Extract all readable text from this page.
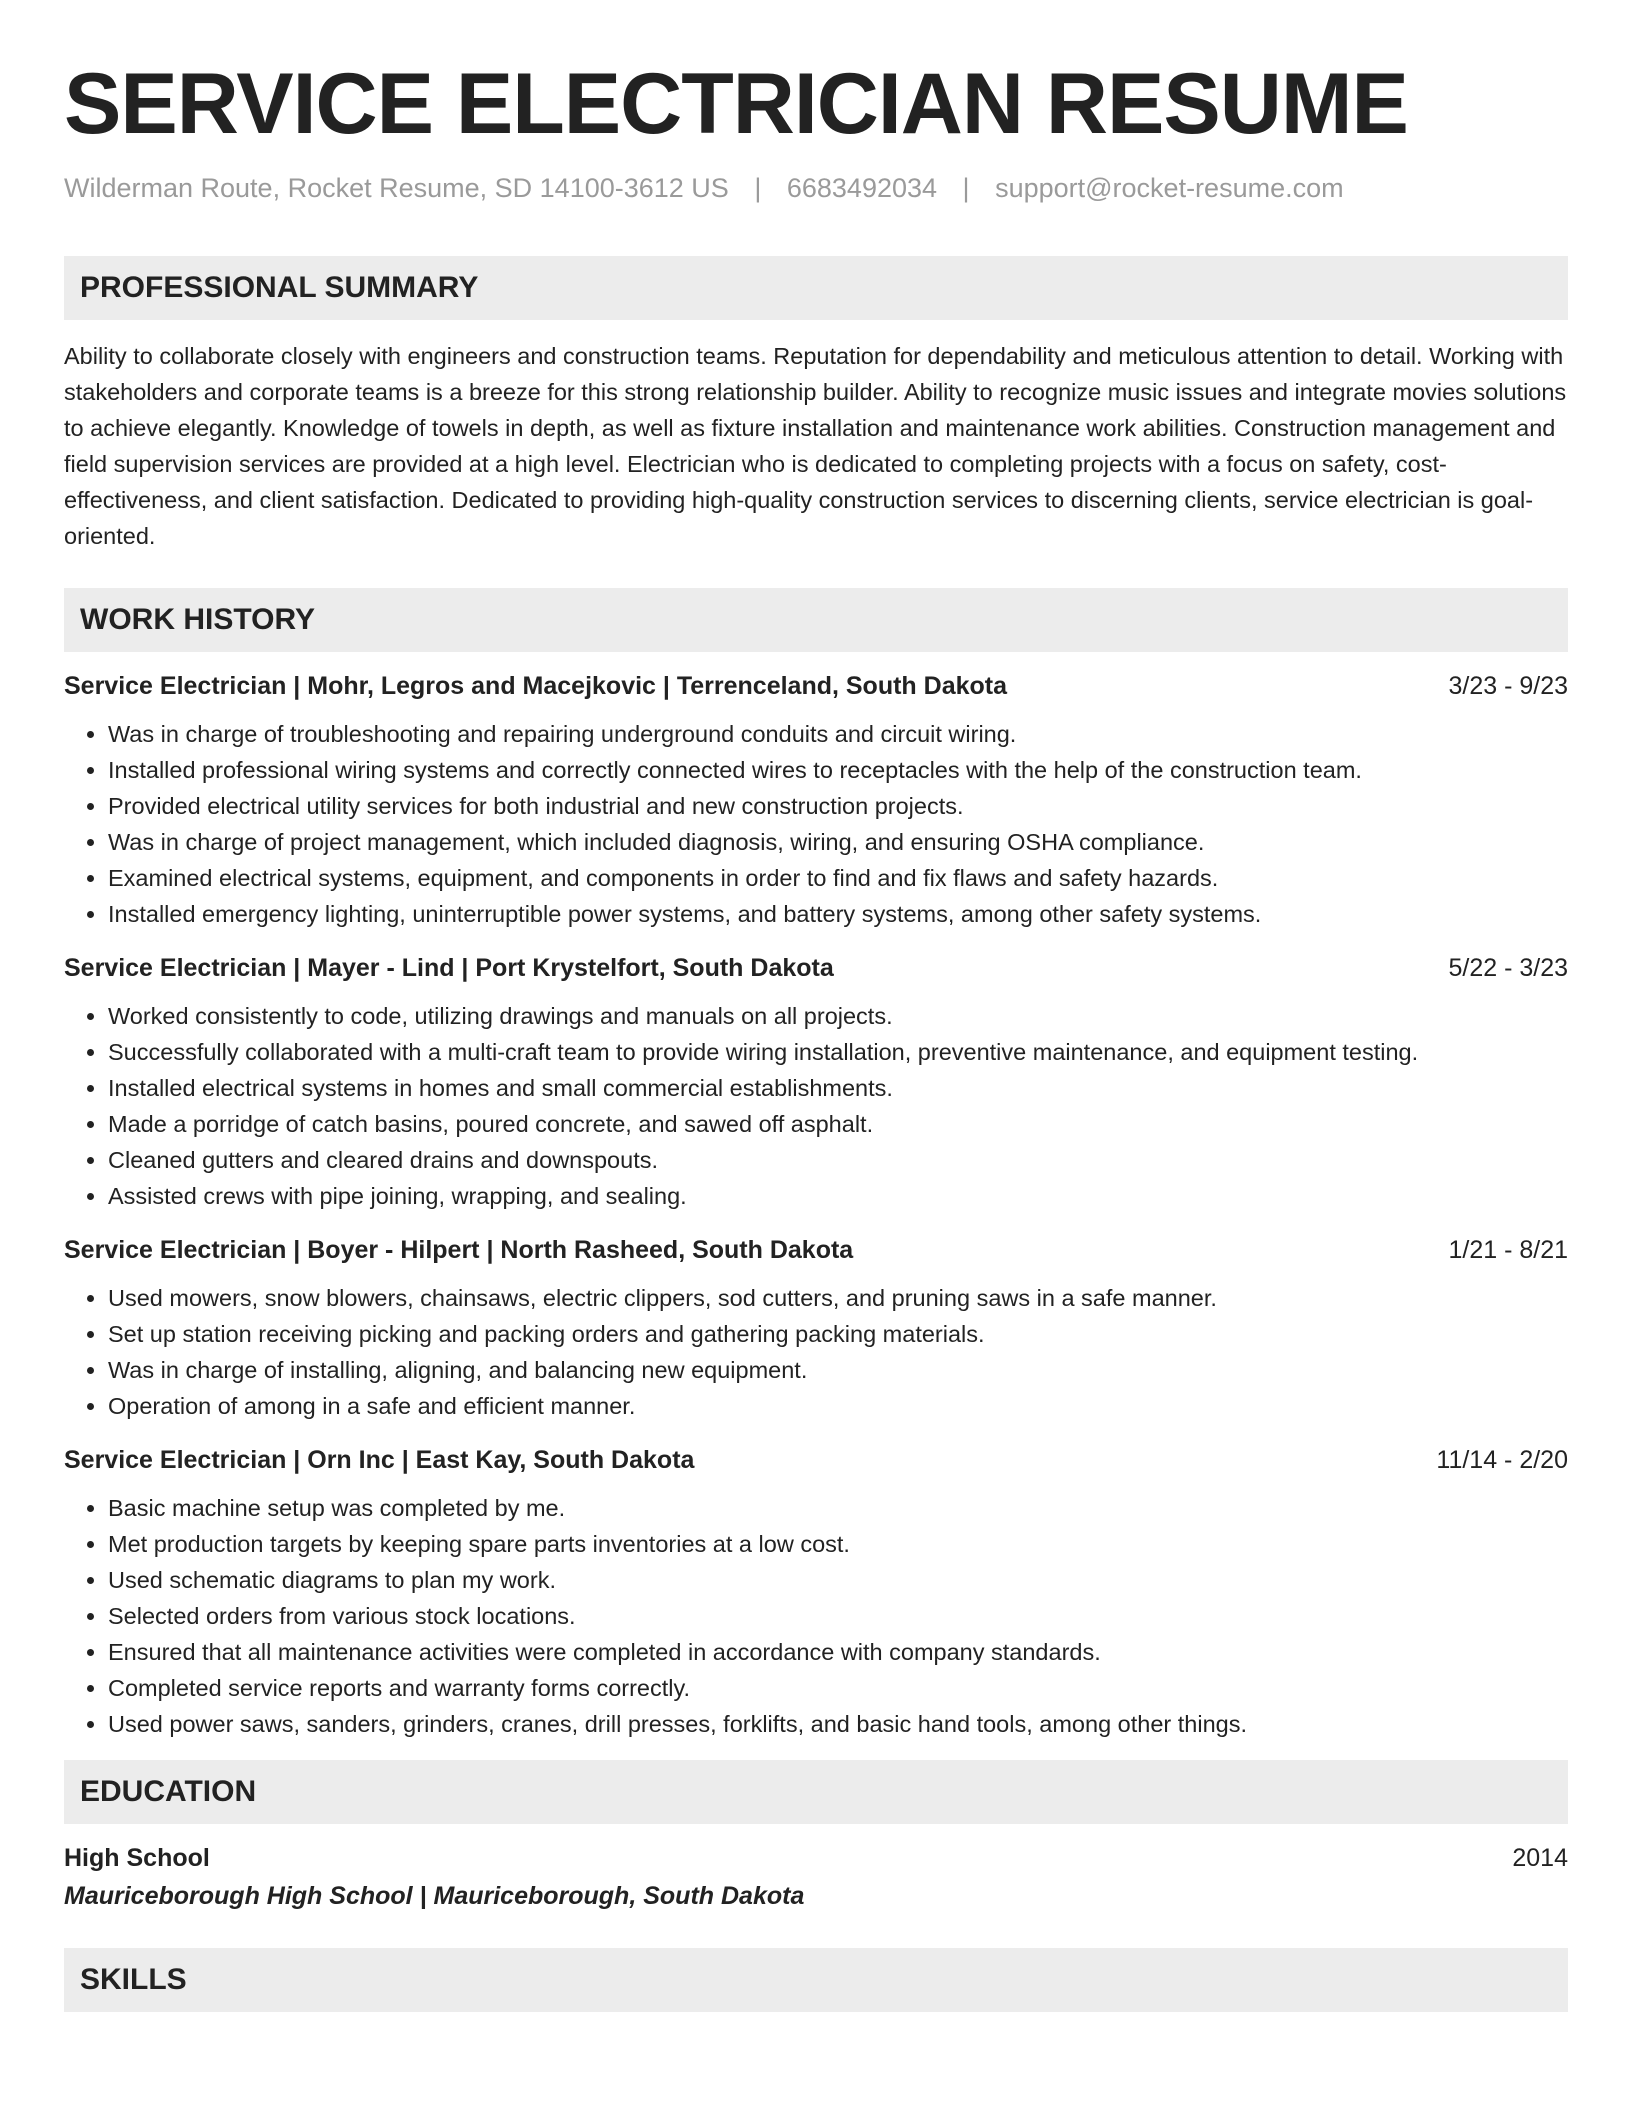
SERVICE ELECTRICIAN RESUME
Wilderman Route, Rocket Resume, SD 14100-3612 US | 6683492034 | support@rocket-resume.com
PROFESSIONAL SUMMARY

Ability to collaborate closely with engineers and construction teams. Reputation for dependability and meticulous attention to detail. Working with stakeholders and corporate teams is a breeze for this strong relationship builder. Ability to recognize music issues and integrate movies solutions to achieve elegantly. Knowledge of towels in depth, as well as fixture installation and maintenance work abilities. Construction management and field supervision services are provided at a high level. Electrician who is dedicated to completing projects with a focus on safety, cost-effectiveness, and client satisfaction. Dedicated to providing high-quality construction services to discerning clients, service electrician is goal-oriented.

WORK HISTORY
Service Electrician | Mohr, Legros and Macejkovic | Terrenceland, South Dakota	3/23 - 9/23
• Was in charge of troubleshooting and repairing underground conduits and circuit wiring.
• Installed professional wiring systems and correctly connected wires to receptacles with the help of the construction team.
• Provided electrical utility services for both industrial and new construction projects.
• Was in charge of project management, which included diagnosis, wiring, and ensuring OSHA compliance.
• Examined electrical systems, equipment, and components in order to find and fix flaws and safety hazards.
• Installed emergency lighting, uninterruptible power systems, and battery systems, among other safety systems.
Service Electrician | Mayer - Lind | Port Krystelfort, South Dakota	5/22 - 3/23
• Worked consistently to code, utilizing drawings and manuals on all projects.
• Successfully collaborated with a multi-craft team to provide wiring installation, preventive maintenance, and equipment testing.
• Installed electrical systems in homes and small commercial establishments.
• Made a porridge of catch basins, poured concrete, and sawed off asphalt.
• Cleaned gutters and cleared drains and downspouts.
• Assisted crews with pipe joining, wrapping, and sealing.
Service Electrician | Boyer - Hilpert | North Rasheed, South Dakota	1/21 - 8/21
• Used mowers, snow blowers, chainsaws, electric clippers, sod cutters, and pruning saws in a safe manner.
• Set up station receiving picking and packing orders and gathering packing materials.
• Was in charge of installing, aligning, and balancing new equipment.
• Operation of among in a safe and efficient manner.
Service Electrician | Orn Inc | East Kay, South Dakota	11/14 - 2/20
• Basic machine setup was completed by me.
• Met production targets by keeping spare parts inventories at a low cost.
• Used schematic diagrams to plan my work.
• Selected orders from various stock locations.
• Ensured that all maintenance activities were completed in accordance with company standards.
• Completed service reports and warranty forms correctly.
• Used power saws, sanders, grinders, cranes, drill presses, forklifts, and basic hand tools, among other things.
EDUCATION
High School	2014
Mauriceborough High School | Mauriceborough, South Dakota
SKILLS
